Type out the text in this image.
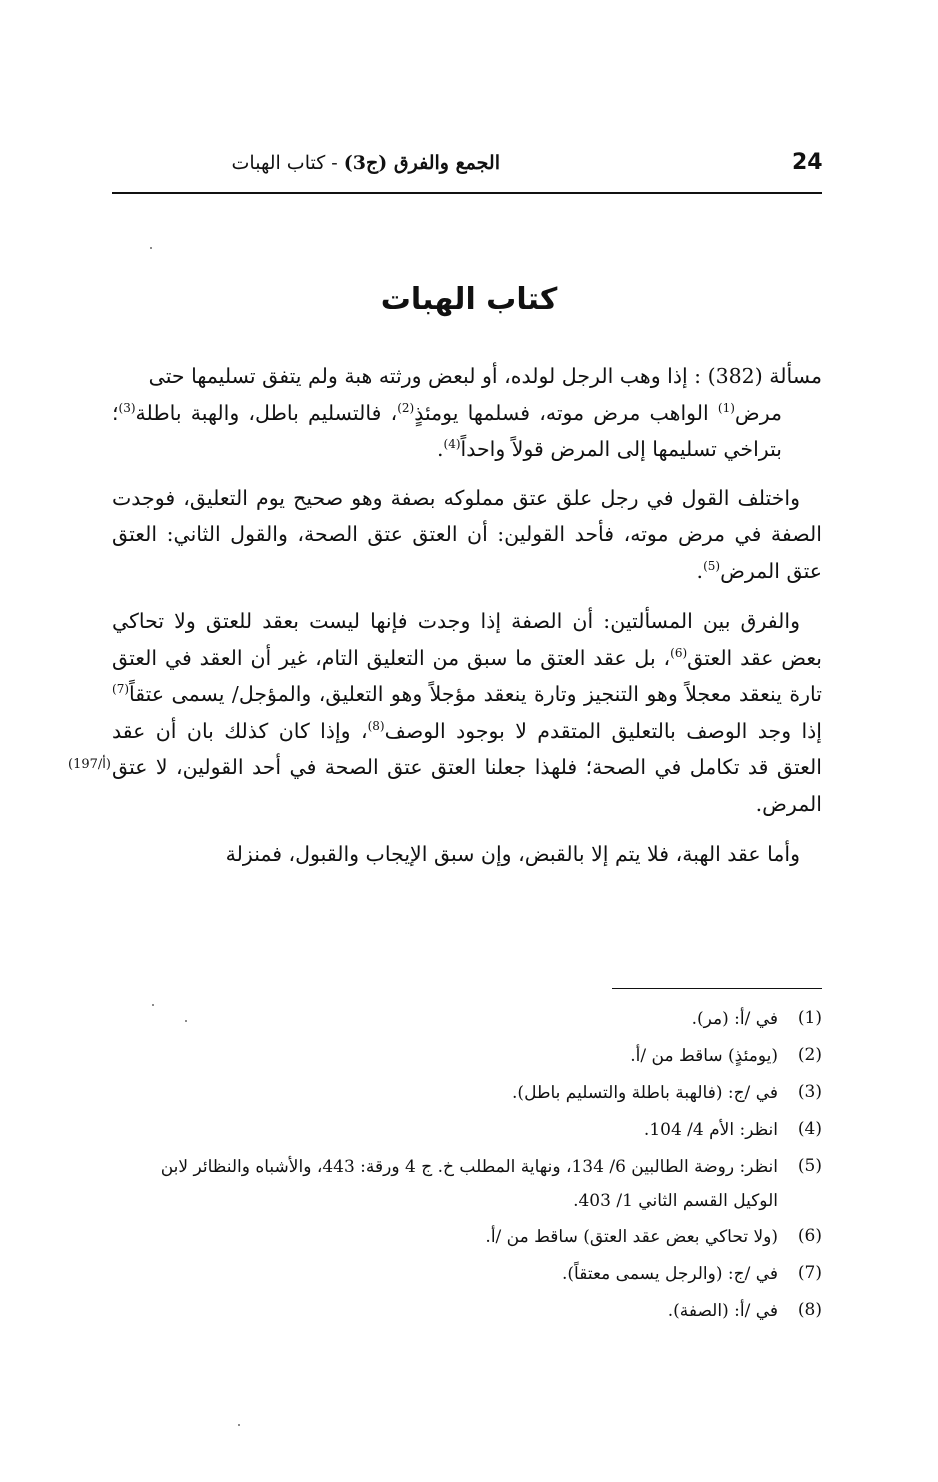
24
الجمع والفرق (ج3) - كتاب الهبات
كتاب الهبات

مسألة (382) : إذا وهب الرجل لولده، أو لبعض ورثته هبة ولم يتفق تسليمها حتى
مرض$^{(1)}$ الواهب مرض موته، فسلمها يومئذٍ$^{(2)}$، فالتسليم باطل، والهبة باطلة$^{(3)}$؛ بتراخي تسليمها إلى المرض قولاً واحداً$^{(4)}$.

واختلف القول في رجل علق عتق مملوكه بصفة وهو صحيح يوم التعليق، فوجدت الصفة في مرض موته، فأحد القولين: أن العتق عتق الصحة، والقول الثاني: العتق عتق المرض$^{(5)}$.

والفرق بين المسألتين: أن الصفة إذا وجدت فإنها ليست بعقد للعتق ولا تحاكي بعض عقد العتق$^{(6)}$، بل عقد العتق ما سبق من التعليق التام، غير أن العقد في العتق تارة ينعقد معجلاً وهو التنجيز وتارة ينعقد مؤجلاً وهو التعليق، والمؤجل/ يسمى عتقاً$^{(7)}$ إذا وجد الوصف بالتعليق المتقدم لا بوجود الوصف$^{(8)}$، وإذا كان كذلك بان أن عقد العتق قد تكامل في الصحة؛ فلهذا جعلنا العتق عتق الصحة في أحد القولين، لا عتق المرض.

وأما عقد الهبة، فلا يتم إلا بالقبض، وإن سبق الإيجاب والقبول، فمنزلة

(197/أ)
(1)
في /أ: (مر).
(2)
(يومئذٍ) ساقط من /أ.
(3)
في /ج: (فالهبة باطلة والتسليم باطل).
(4)
انظر: الأم 4/ 104.
(5)
انظر: روضة الطالبين 6/ 134، ونهاية المطلب خ. ج 4 ورقة: 443، والأشباه والنظائر لابن الوكيل القسم الثاني 1/ 403.
(6)
(ولا تحاكي بعض عقد العتق) ساقط من /أ.
(7)
في /ج: (والرجل يسمى معتقاً).
(8)
في /أ: (الصفة).
